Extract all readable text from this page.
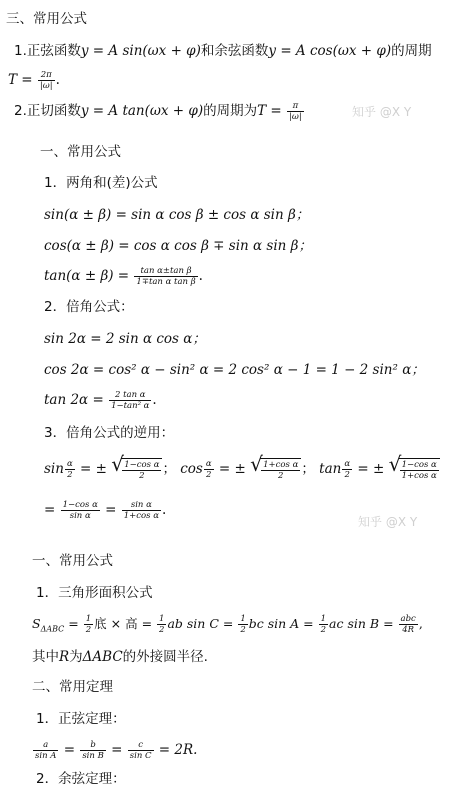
知乎 @X Y
知乎 @X Y
三、常用公式
1.正弦函数y = A sin(ωx + φ)和余弦函数y = A cos(ωx + φ)的周期
$T = \frac{2\pi}{|\omega|}$ .
2.正切函数y = A tan(ωx + φ)的周期为$T = \frac{\pi}{|\omega|}$
一、常用公式
1．两角和(差)公式
sin(α ± β) = sin α cos β ± cos α sin β；
cos(α ± β) = cos α cos β ∓ sin α sin β；
$\tan(\alpha \pm \beta) = \frac{\text{tan α±tan β}}{\text{1∓tan α tan β}}$ .
2．倍角公式：
sin 2α = 2 sin α cos α；
cos 2α = cos² α − sin² α = 2 cos² α − 1 = 1 − 2 sin² α；
$\tan 2\alpha = \frac{\text{2 tan α}}{\text{1−tan² α}}$ .
3．倍角公式的逆用：
$\sin \frac{\alpha}{2}$ = ± √ $\frac{\text{1−cos α}}{2}$ ； $\cos \frac{\alpha}{2}$ = ± √ $\frac{\text{1+cos α}}{2}$ ； $\tan \frac{\alpha}{2}$ = ± √ $\frac{\text{1−cos α}}{\text{1+cos α}}$
= $\frac{\text{1−cos α}}{\text{sin α}} = \frac{\text{sin α}}{\text{1+cos α}}$ .
一、常用公式
1．三角形面积公式
$S_{\Delta ABC} = \frac{1}{2}$ 底 × 高 = $\frac{1}{2}$ ab $\sin C = \frac{1}{2}$ bc $\sin A = \frac{1}{2}$ ac $\sin B = \frac{\text{abc}}{4R}$ ,
其中R为ΔABC的外接圆半径.
二、常用定理
1．正弦定理：
$\frac{a}{\text{sin A}} = \frac{b}{\text{sin B}} = \frac{c}{\text{sin C}} = 2R$.
2．余弦定理：
